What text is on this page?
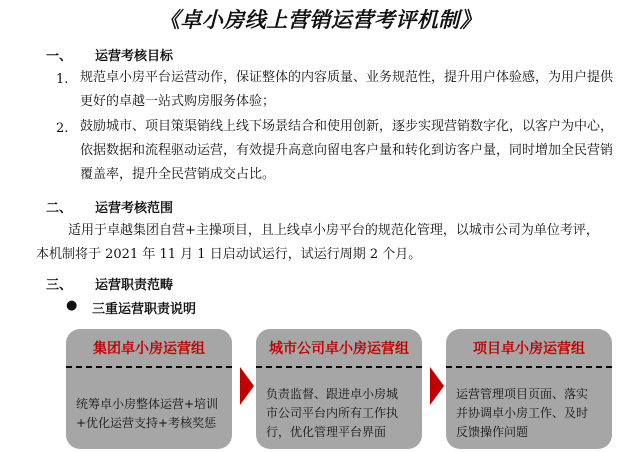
《卓小房线上营销运营考评机制》
一、 运营考核目标
1. 规范卓小房平台运营动作，保证整体的内容质量、业务规范性，提升用户体验感，为用户提供
更好的卓越一站式购房服务体验；
2. 鼓励城市、项目策渠销线上线下场景结合和使用创新，逐步实现营销数字化，以客户为中心，
依据数据和流程驱动运营，有效提升高意向留电客户量和转化到访客户量，同时增加全民营销
覆盖率，提升全民营销成交占比。
二、 运营考核范围
适用于卓越集团自营+主操项目，且上线卓小房平台的规范化管理，以城市公司为单位考评，
本机制将于 2021 年 11 月 1 日启动试运行，试运行周期 2 个月。
三、 运营职责范畴
● 三重运营职责说明
集团卓小房运营组
统筹卓小房整体运营+培训
+优化运营支持+考核奖惩
城市公司卓小房运营组
负责监督、跟进卓小房城
市公司平台内所有工作执
行，优化管理平台界面
项目卓小房运营组
运营管理项目页面、落实
并协调卓小房工作、及时
反馈操作问题
